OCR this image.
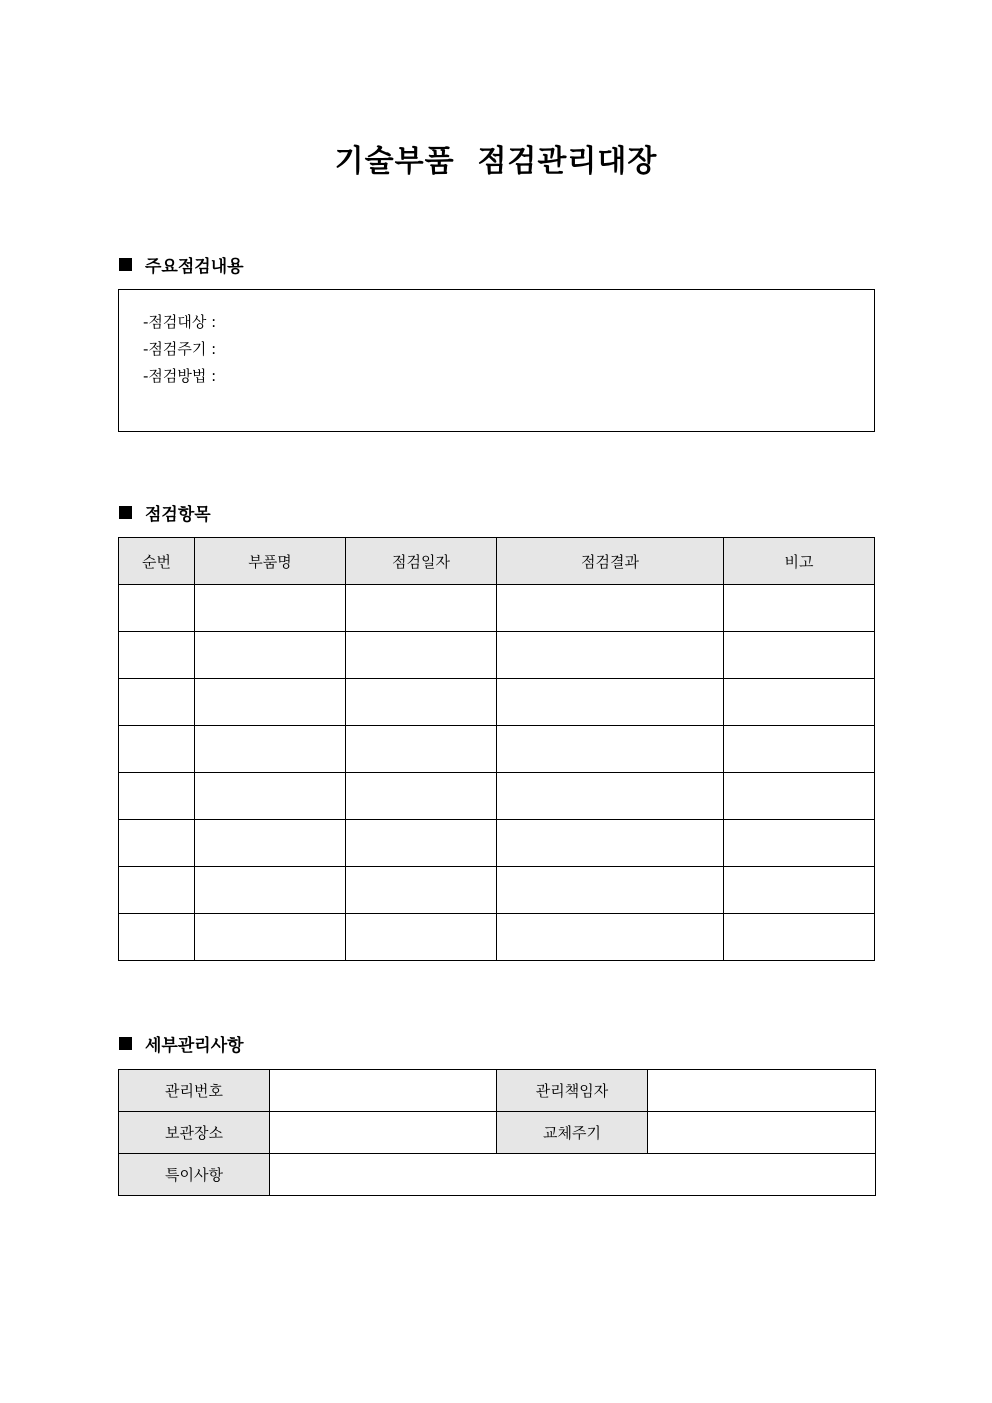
기술부품  점검관리대장
주요점검내용
-점검대상 :
-점검주기 :
-점검방법 :
점검항목
순번	부품명	점검일자	점검결과	비고

세부관리사항
관리번호		관리책임자	
보관장소		교체주기	
특이사항			
